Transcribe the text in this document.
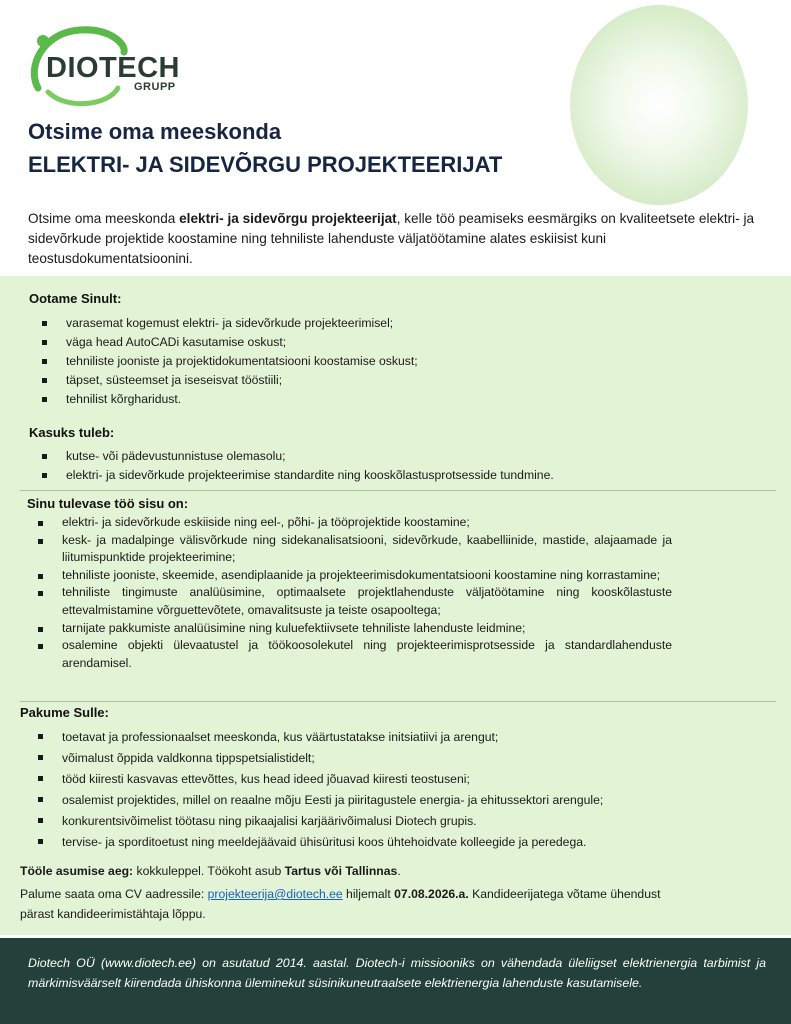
DIOTECH
GRUPP
Otsime oma meeskonda
ELEKTRI- JA SIDEVÕRGU PROJEKTEERIJAT
Otsime oma meeskonda elektri- ja sidevõrgu projekteerijat, kelle töö peamiseks eesmärgiks on kvaliteetsete elektri- ja sidevõrkude projektide koostamine ning tehniliste lahenduste väljatöötamine alates eskiisist kuni teostusdokumentatsioonini.
Ootame Sinult:
varasemat kogemust elektri- ja sidevõrkude projekteerimisel;
väga head AutoCADi kasutamise oskust;
tehniliste jooniste ja projektidokumentatsiooni koostamise oskust;
täpset, süsteemset ja iseseisvat tööstiili;
tehnilist kõrgharidust.
Kasuks tuleb:
kutse- või pädevustunnistuse olemasolu;
elektri- ja sidevõrkude projekteerimise standardite ning kooskõlastusprotsesside tundmine.
Sinu tulevase töö sisu on:
elektri- ja sidevõrkude eskiiside ning eel-, põhi- ja tööprojektide koostamine;
kesk- ja madalpinge välisvõrkude ning sidekanalisatsiooni, sidevõrkude, kaabelliinide, mastide, alajaamade ja liitumispunktide projekteerimine;
tehniliste jooniste, skeemide, asendiplaanide ja projekteerimisdokumentatsiooni koostamine ning korrastamine;
tehniliste tingimuste analüüsimine, optimaalsete projektlahenduste väljatöötamine ning kooskõlastuste ettevalmistamine võrguettevõtete, omavalitsuste ja teiste osapooltega;
tarnijate pakkumiste analüüsimine ning kuluefektiivsete tehniliste lahenduste leidmine;
osalemine objekti ülevaatustel ja töökoosolekutel ning projekteerimisprotsesside ja standardlahenduste arendamisel.
Pakume Sulle:
toetavat ja professionaalset meeskonda, kus väärtustatakse initsiatiivi ja arengut;
võimalust õppida valdkonna tippspetsialistidelt;
tööd kiiresti kasvavas ettevõttes, kus head ideed jõuavad kiiresti teostuseni;
osalemist projektides, millel on reaalne mõju Eesti ja piiritagustele energia- ja ehitussektori arengule;
konkurentsivõimelist töötasu ning pikaajalisi karjäärivõimalusi Diotech grupis.
tervise- ja sporditoetust ning meeldejäävaid ühisüritusi koos ühtehoidvate kolleegide ja peredega.
Tööle asumise aeg: kokkuleppel. Töökoht asub Tartus või Tallinnas.
Palume saata oma CV aadressile: projekteerija@diotech.ee hiljemalt 07.08.2026.a. Kandideerijatega võtame ühendust
pärast kandideerimistähtaja lõppu.
Diotech OÜ (www.diotech.ee) on asutatud 2014. aastal. Diotech-i missiooniks on vähendada üleliigset elektrienergia tarbimist ja märkimisväärselt kiirendada ühiskonna üleminekut süsinikuneutraalsete elektrienergia lahenduste kasutamisele.
